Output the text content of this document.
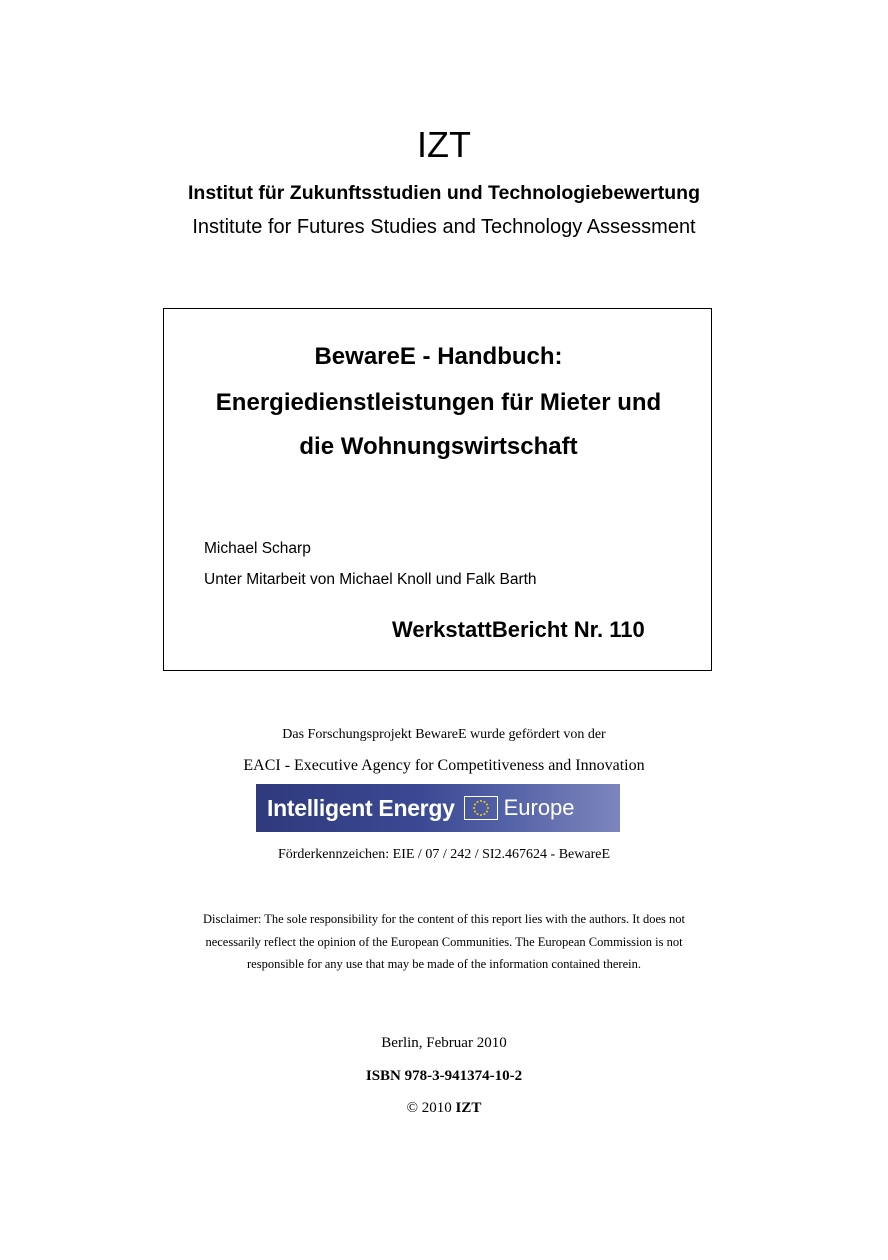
IZT
Institut für Zukunftsstudien und Technologiebewertung
Institute for Futures Studies and Technology Assessment
BewareE - Handbuch:
Energiedienstleistungen für Mieter und
die Wohnungswirtschaft
Michael Scharp
Unter Mitarbeit von Michael Knoll und Falk Barth
WerkstattBericht Nr. 110
Das Forschungsprojekt BewareE wurde gefördert von der
EACI - Executive Agency for Competitiveness and Innovation
Intelligent Energy Europe
Förderkennzeichen: EIE / 07 / 242 / SI2.467624 - BewareE
Disclaimer: The sole responsibility for the content of this report lies with the authors. It does not
necessarily reflect the opinion of the European Communities. The European Commission is not
responsible for any use that may be made of the information contained therein.
Berlin, Februar 2010
ISBN 978-3-941374-10-2
© 2010 IZT
